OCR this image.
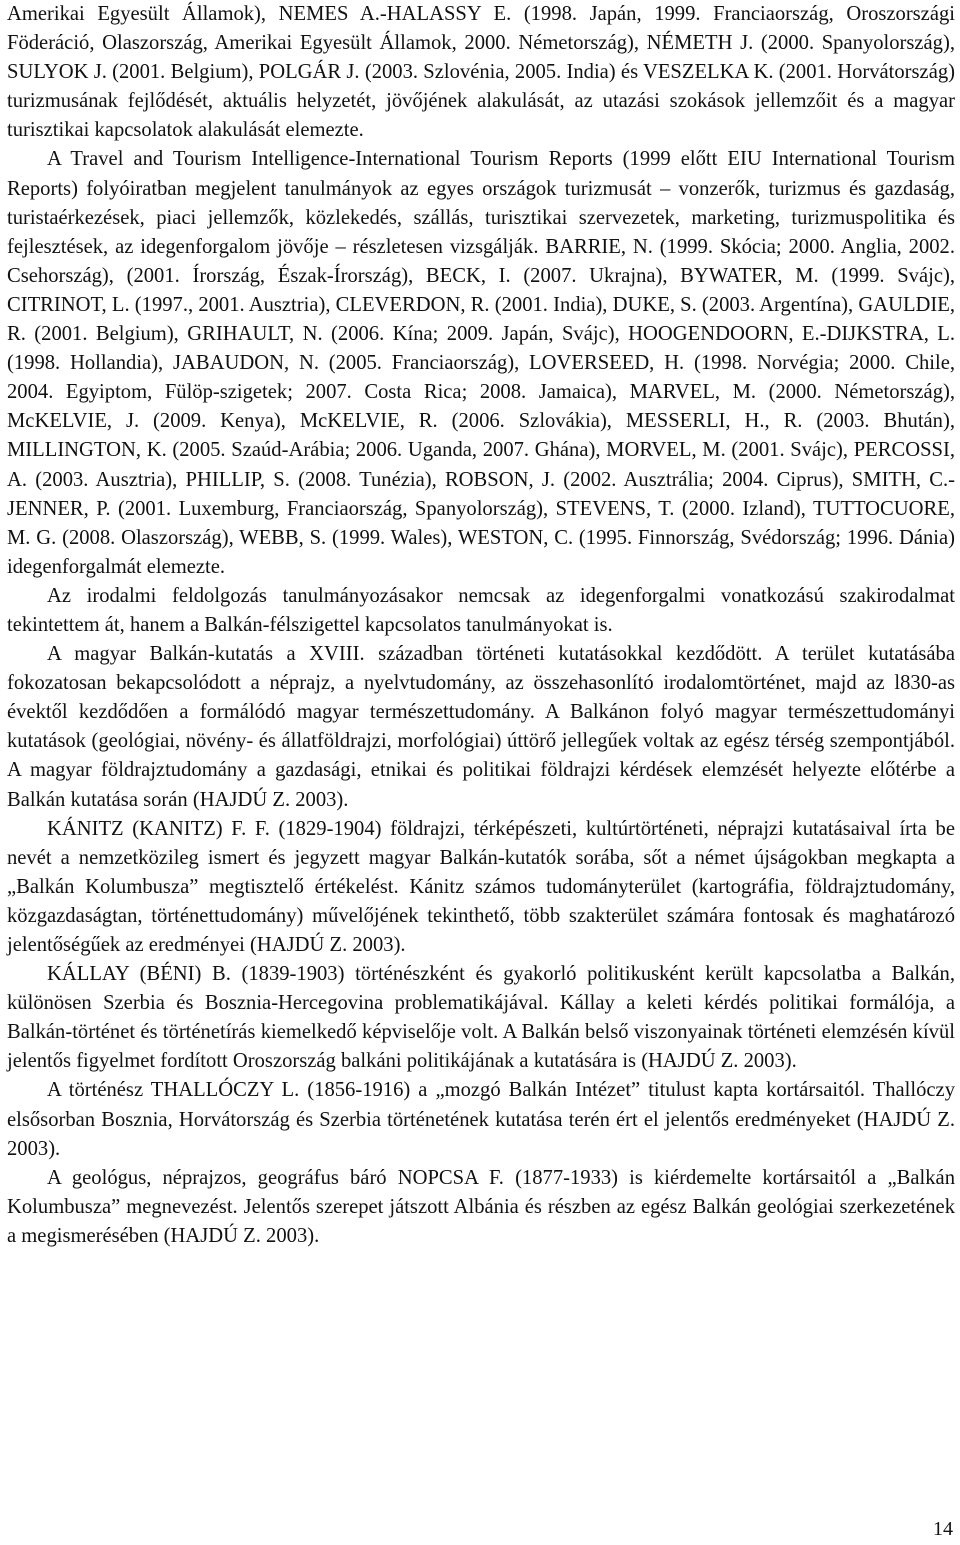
Amerikai Egyesült Államok), NEMES A.-HALASSY E. (1998. Japán, 1999. Franciaország, Oroszországi Föderáció, Olaszország, Amerikai Egyesült Államok, 2000. Németország), NÉMETH J. (2000. Spanyolország), SULYOK J. (2001. Belgium), POLGÁR J. (2003. Szlovénia, 2005. India) és VESZELKA K. (2001. Horvátország) turizmusának fejlődését, aktuális helyzetét, jövőjének alakulását, az utazási szokások jellemzőit és a magyar turisztikai kapcsolatok alakulását elemezte.

A Travel and Tourism Intelligence-International Tourism Reports (1999 előtt EIU International Tourism Reports) folyóiratban megjelent tanulmányok az egyes országok turizmusát – vonzerők, turizmus és gazdaság, turistaérkezések, piaci jellemzők, közlekedés, szállás, turisztikai szervezetek, marketing, turizmuspolitika és fejlesztések, az idegenforgalom jövője – részletesen vizsgálják. BARRIE, N. (1999. Skócia; 2000. Anglia, 2002. Csehország), (2001. Írország, Észak-Írország), BECK, I. (2007. Ukrajna), BYWATER, M. (1999. Svájc), CITRINOT, L. (1997., 2001. Ausztria), CLEVERDON, R. (2001. India), DUKE, S. (2003. Argentína), GAULDIE, R. (2001. Belgium), GRIHAULT, N. (2006. Kína; 2009. Japán, Svájc), HOOGENDOORN, E.-DIJKSTRA, L. (1998. Hollandia), JABAUDON, N. (2005. Franciaország), LOVERSEED, H. (1998. Norvégia; 2000. Chile, 2004. Egyiptom, Fülöp-szigetek; 2007. Costa Rica; 2008. Jamaica), MARVEL, M. (2000. Németország), McKELVIE, J. (2009. Kenya), McKELVIE, R. (2006. Szlovákia), MESSERLI, H., R. (2003. Bhután), MILLINGTON, K. (2005. Szaúd-Arábia; 2006. Uganda, 2007. Ghána), MORVEL, M. (2001. Svájc), PERCOSSI, A. (2003. Ausztria), PHILLIP, S. (2008. Tunézia), ROBSON, J. (2002. Ausztrália; 2004. Ciprus), SMITH, C.-JENNER, P. (2001. Luxemburg, Franciaország, Spanyolország), STEVENS, T. (2000. Izland), TUTTOCUORE, M. G. (2008. Olaszország), WEBB, S. (1999. Wales), WESTON, C. (1995. Finnország, Svédország; 1996. Dánia) idegenforgalmát elemezte.

Az irodalmi feldolgozás tanulmányozásakor nemcsak az idegenforgalmi vonatkozású szakirodalmat tekintettem át, hanem a Balkán-félszigettel kapcsolatos tanulmányokat is.

A magyar Balkán-kutatás a XVIII. században történeti kutatásokkal kezdődött. A terület kutatásába fokozatosan bekapcsolódott a néprajz, a nyelvtudomány, az összehasonlító irodalomtörténet, majd az l830-as évektől kezdődően a formálódó magyar természettudomány. A Balkánon folyó magyar természettudományi kutatások (geológiai, növény- és állatföldrajzi, morfológiai) úttörő jellegűek voltak az egész térség szempontjából. A magyar földrajztudomány a gazdasági, etnikai és politikai földrajzi kérdések elemzését helyezte előtérbe a Balkán kutatása során (HAJDÚ Z. 2003).

KÁNITZ (KANITZ) F. F. (1829-1904) földrajzi, térképészeti, kultúrtörténeti, néprajzi kutatásaival írta be nevét a nemzetközileg ismert és jegyzett magyar Balkán-kutatók sorába, sőt a német újságokban megkapta a „Balkán Kolumbusza” megtisztelő értékelést. Kánitz számos tudományterület (kartográfia, földrajztudomány, közgazdaságtan, történettudomány) művelőjének tekinthető, több szakterület számára fontosak és maghatározó jelentőségűek az eredményei (HAJDÚ Z. 2003).

KÁLLAY (BÉNI) B. (1839-1903) történészként és gyakorló politikusként került kapcsolatba a Balkán, különösen Szerbia és Bosznia-Hercegovina problematikájával. Kállay a keleti kérdés politikai formálója, a Balkán-történet és történetírás kiemelkedő képviselője volt. A Balkán belső viszonyainak történeti elemzésén kívül jelentős figyelmet fordított Oroszország balkáni politikájának a kutatására is (HAJDÚ Z. 2003).

A történész THALLÓCZY L. (1856-1916) a „mozgó Balkán Intézet” titulust kapta kortársaitól. Thallóczy elsősorban Bosznia, Horvátország és Szerbia történetének kutatása terén ért el jelentős eredményeket (HAJDÚ Z. 2003).

A geológus, néprajzos, geográfus báró NOPCSA F. (1877-1933) is kiérdemelte kortársaitól a „Balkán Kolumbusza” megnevezést. Jelentős szerepet játszott Albánia és részben az egész Balkán geológiai szerkezetének a megismerésében (HAJDÚ Z. 2003).

14
